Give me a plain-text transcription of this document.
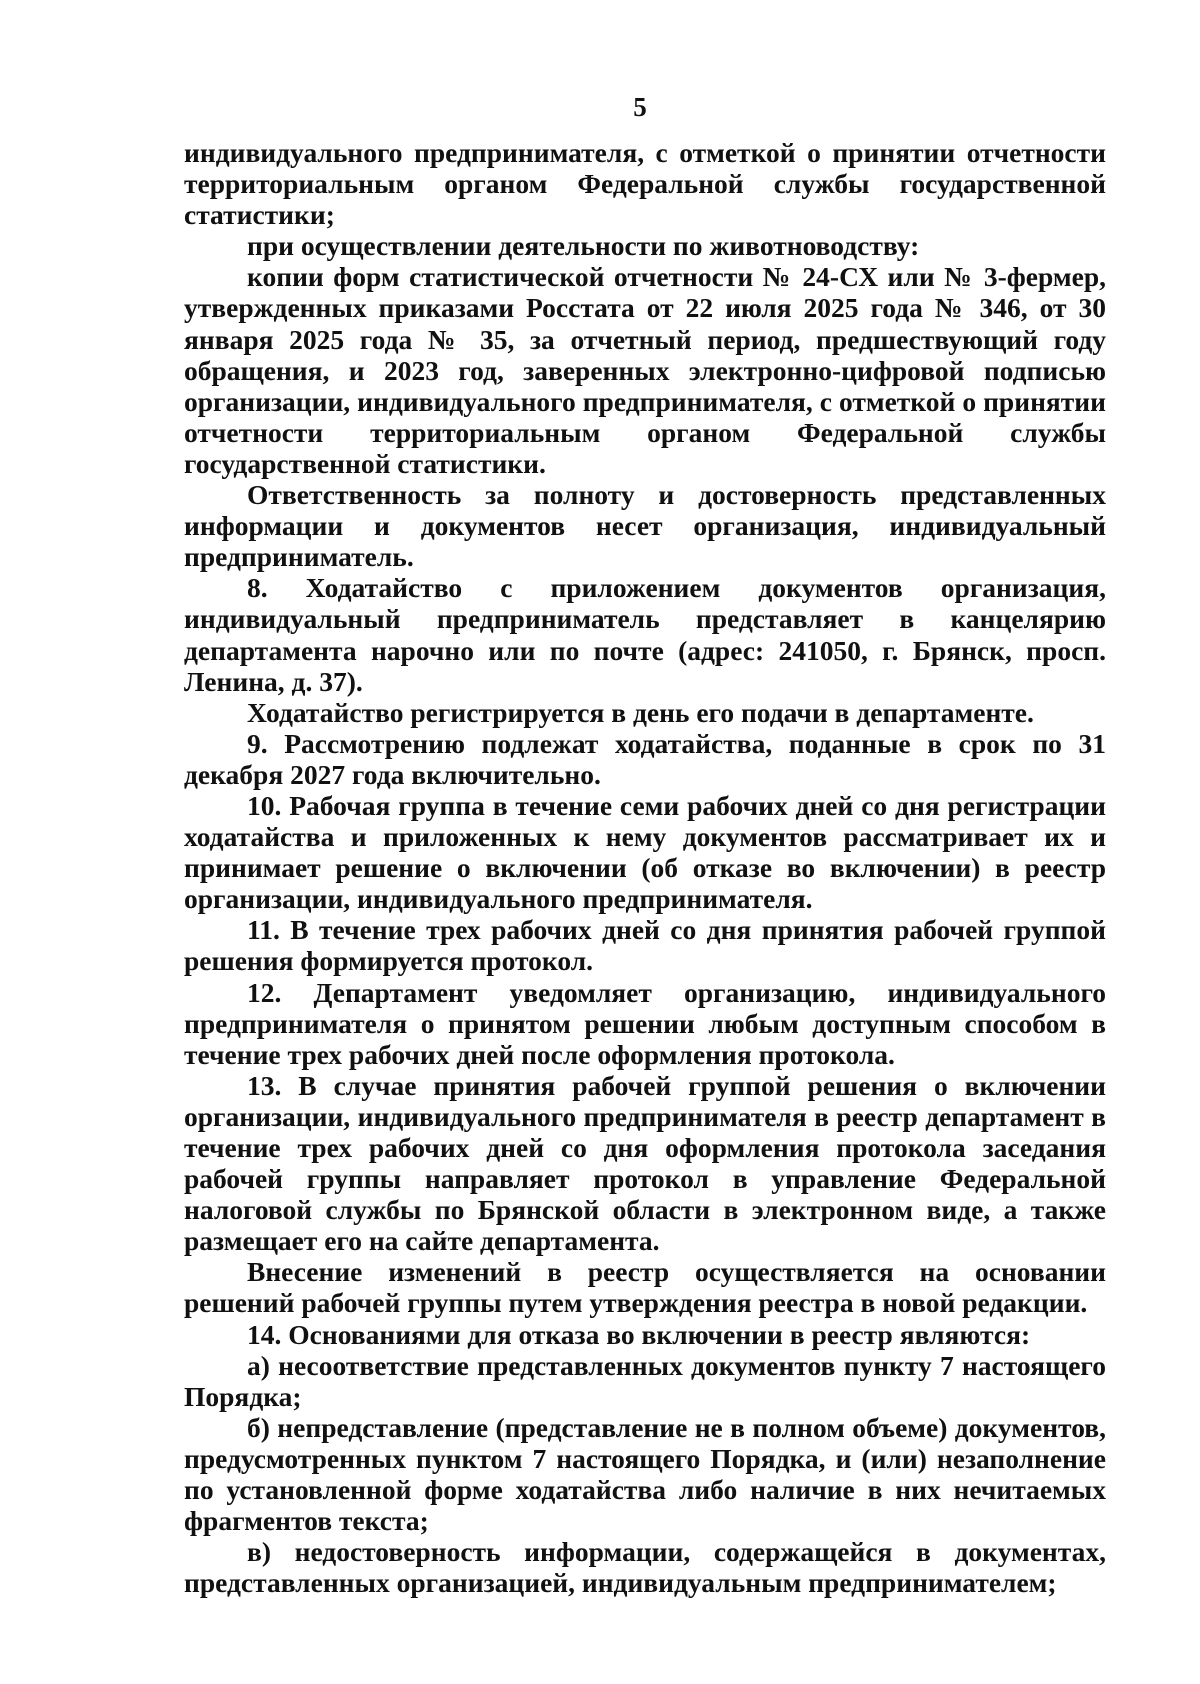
5

индивидуального предпринимателя, с отметкой о принятии отчетности территориальным органом Федеральной службы государственной статистики;

при осуществлении деятельности по животноводству:

копии форм статистической отчетности № 24-СХ или № 3-фермер, утвержденных приказами Росстата от 22 июля 2025 года № 346, от 30 января 2025 года № 35, за отчетный период, предшествующий году обращения, и 2023 год, заверенных электронно-цифровой подписью организации, индивидуального предпринимателя, с отметкой о принятии отчетности территориальным органом Федеральной службы государственной статистики.

Ответственность за полноту и достоверность представленных информации и документов несет организация, индивидуальный предприниматель.

8. Ходатайство с приложением документов организация, индивидуальный предприниматель представляет в канцелярию департамента нарочно или по почте (адрес: 241050, г. Брянск, просп. Ленина, д. 37).

Ходатайство регистрируется в день его подачи в департаменте.

9. Рассмотрению подлежат ходатайства, поданные в срок по 31 декабря 2027 года включительно.

10. Рабочая группа в течение семи рабочих дней со дня регистрации ходатайства и приложенных к нему документов рассматривает их и принимает решение о включении (об отказе во включении) в реестр организации, индивидуального предпринимателя.

11. В течение трех рабочих дней со дня принятия рабочей группой решения формируется протокол.

12. Департамент уведомляет организацию, индивидуального предпринимателя о принятом решении любым доступным способом в течение трех рабочих дней после оформления протокола.

13. В случае принятия рабочей группой решения о включении организации, индивидуального предпринимателя в реестр департамент в течение трех рабочих дней со дня оформления протокола заседания рабочей группы направляет протокол в управление Федеральной налоговой службы по Брянской области в электронном виде, а также размещает его на сайте департамента.

Внесение изменений в реестр осуществляется на основании решений рабочей группы путем утверждения реестра в новой редакции.

14. Основаниями для отказа во включении в реестр являются:

а) несоответствие представленных документов пункту 7 настоящего Порядка;

б) непредставление (представление не в полном объеме) документов, предусмотренных пунктом 7 настоящего Порядка, и (или) незаполнение по установленной форме ходатайства либо наличие в них нечитаемых фрагментов текста;

в) недостоверность информации, содержащейся в документах, представленных организацией, индивидуальным предпринимателем;
